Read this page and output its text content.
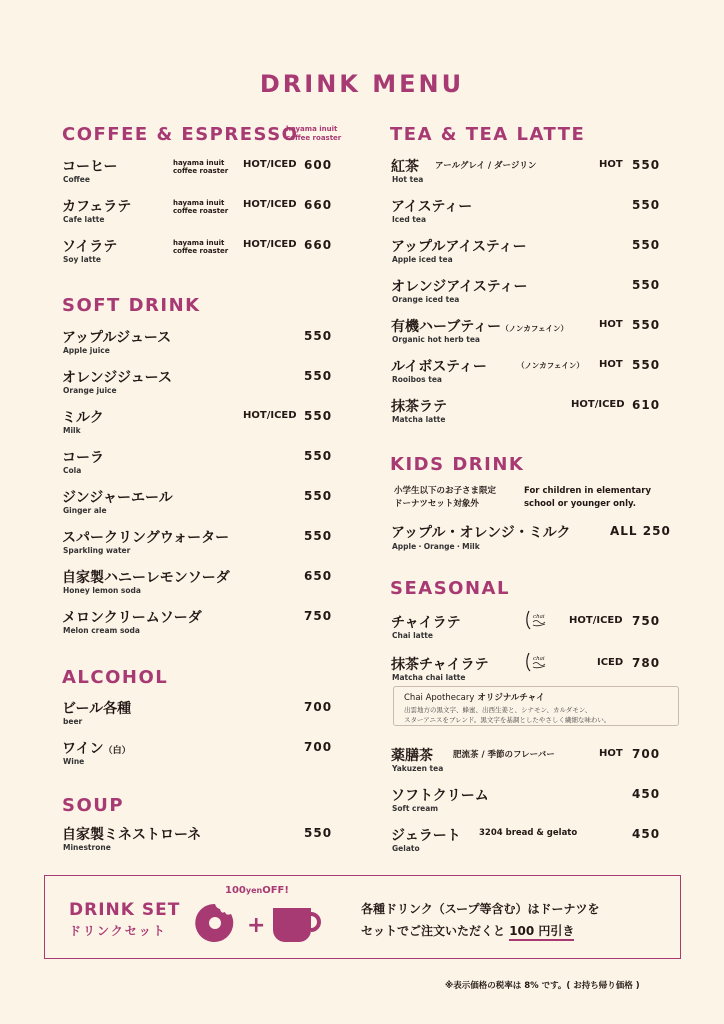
DRINK MENU
COFFEE & ESPRESSO
hayama inuit
coffee roaster
コーヒー
Coffee
hayama inuit
coffee roaster
HOT/ICED 600
カフェラテ
Cafe latte
hayama inuit
coffee roaster
HOT/ICED 660
ソイラテ
Soy latte
hayama inuit
coffee roaster
HOT/ICED 660
SOFT DRINK
アップルジュース
Apple juice
550
オレンジジュース
Orange juice
550
ミルク
Milk
HOT/ICED 550
コーラ
Cola
550
ジンジャーエール
Ginger ale
550
スパークリングウォーター
Sparkling water
550
自家製ハニーレモンソーダ
Honey lemon soda
650
メロンクリームソーダ
Melon cream soda
750
ALCOHOL
ビール各種
beer
700
ワイン（白）
Wine
700
SOUP
自家製ミネストローネ
Minestrone
550
TEA & TEA LATTE
紅茶
Hot tea
アールグレイ / ダージリン	HOT 550
アイスティー
Iced tea
550
アップルアイスティー
Apple iced tea
550
オレンジアイスティー
Orange iced tea
550
有機ハーブティー（ノンカフェイン）
Organic hot herb tea
HOT 550
ルイボスティー
Rooibos tea
（ノンカフェイン） HOT 550
抹茶ラテ
Matcha latte
HOT/ICED 610
KIDS DRINK
小学生以下のお子さま限定
ドーナツセット対象外
For children in elementary
school or younger only.
アップル・オレンジ・ミルク
Apple・Orange・Milk
ALL 250
SEASONAL
チャイラテ
Chai latte
chai HOT/ICED 750
抹茶チャイラテ
Matcha chai latte
chai	ICED 780
Chai Apothecary オリジナルチャイ
出雲地方の黒文字、蜂蜜、出西生姜と、シナモン、カルダモン、
スターアニスをブレンド。黒文字を基調としたやさしく繊細な味わい。
薬膳茶
Yakuzen tea
肥流茶 / 季節のフレーバー	HOT 700
ソフトクリーム
Soft cream
450
ジェラート
Gelato
3204 bread & gelato	450
DRINK SET
ドリンクセット
100yenOFF!
+
各種ドリンク（スープ等含む）はドーナツを
セットでご注文いただくと 100 円引き
※表示価格の税率は 8% です。( お持ち帰り価格 )
